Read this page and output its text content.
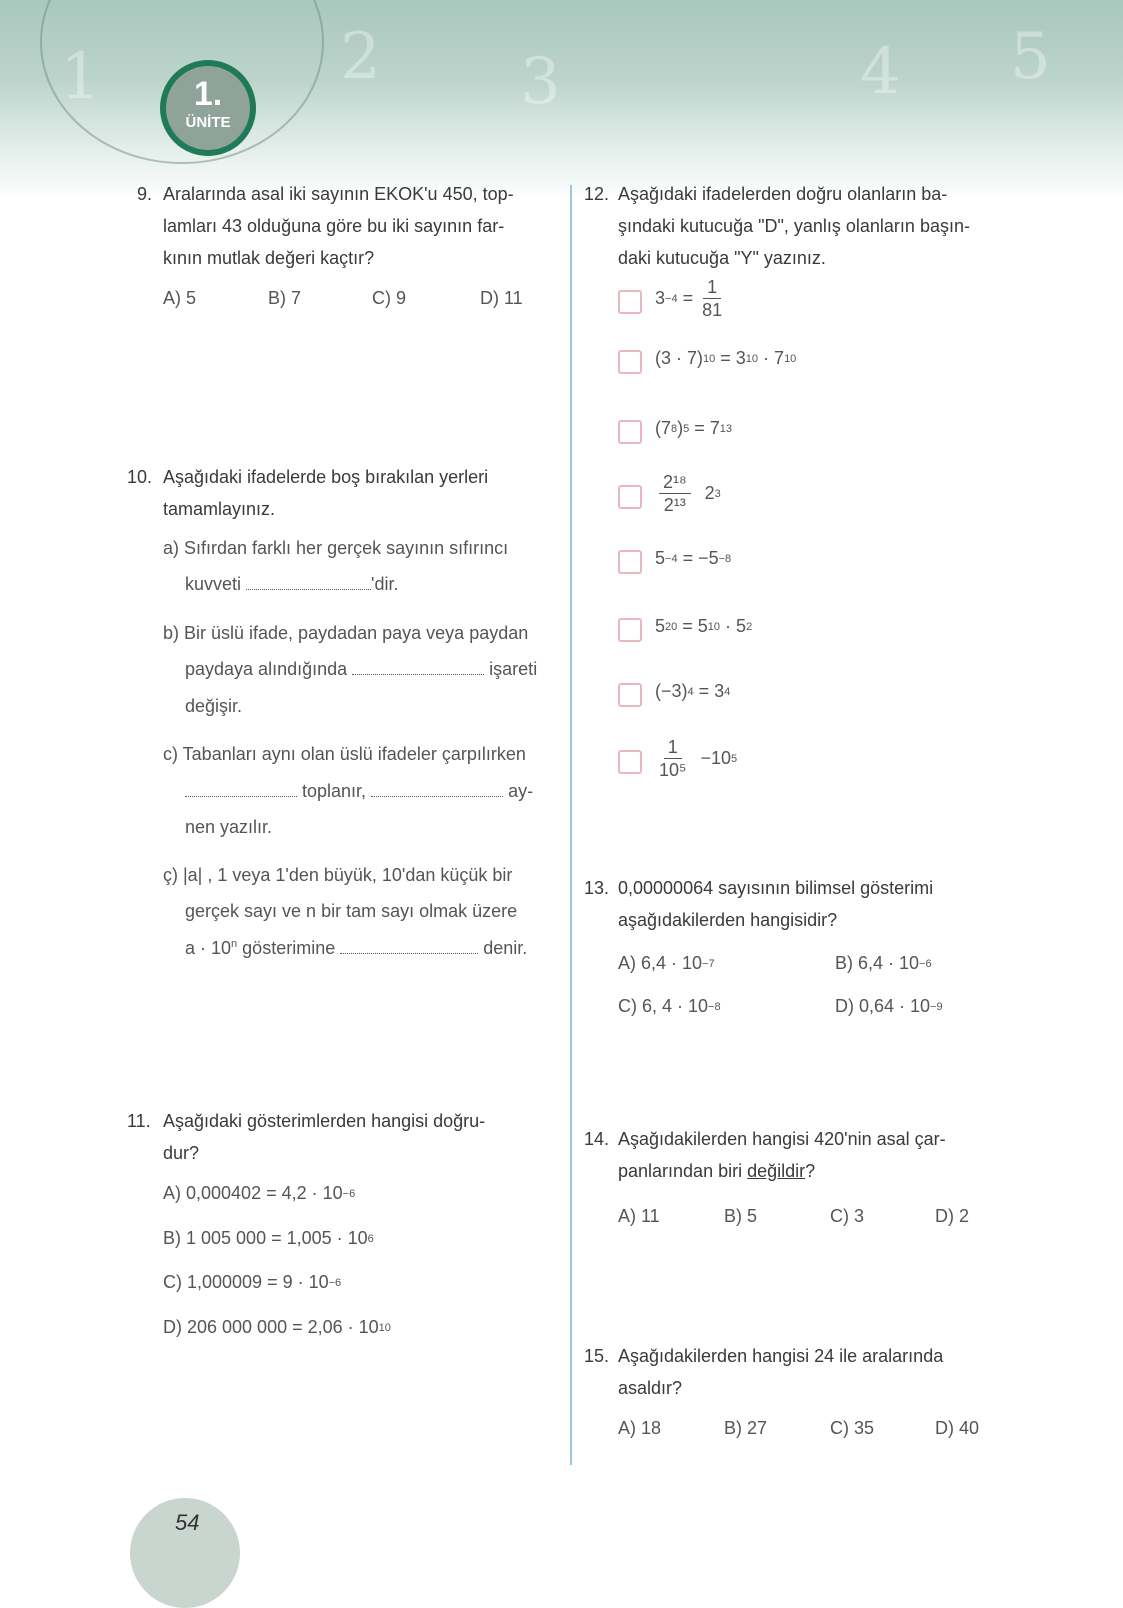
1	2 3	4 5
1.
ÜNİTE
9. Aralarında asal iki sayının EKOK'u 450, top-
lamları 43 olduğuna göre bu iki sayının far-
kının mutlak değeri kaçtır?
A) 5	B) 7	C) 9	D) 11
10. Aşağıdaki ifadelerde boş bırakılan yerleri
tamamlayınız.
a) Sıfırdan farklı her gerçek sayının sıfırıncı
kuvveti	'dir.
b) Bir üslü ifade, paydadan paya veya paydan
paydaya alındığında	işareti
değişir.
c) Tabanları aynı olan üslü ifadeler çarpılırken
toplanır,	ay-
nen yazılır.
ç) |a| , 1 veya 1'den büyük, 10'dan küçük bir
gerçek sayı ve n bir tam sayı olmak üzere
$a \cdot 10^n$ gösterimine	denir.
11. Aşağıdaki gösterimlerden hangisi doğru-
dur?
A) 0,000402 = 4,2 · 10 −6
B) 1 005 000 = 1,005 · 10 6
C) 1,000009 = 9 · 10 −6
D) 206 000 000 = 2,06 · 10 10
12. Aşağıdaki ifadelerden doğru olanların ba-
şındaki kutucuğa "D", yanlış olanların başın-
daki kutucuğa "Y" yazınız.
$3 -4 = \frac{1}{81}$
(3 · 7) 10 = 3 10 · 7 10
(7 8 ) 5 = 7 13
$\frac{\text{2¹⁸}}{\text{2¹³}} 2$ 3
5 −4 = −5 −8
5 20 = 5 10 · 5 2
(−3) 4 = 3 4
$\frac{1}{\text{10⁵}} -10$ 5
13. 0,00000064 sayısının bilimsel gösterimi
aşağıdakilerden hangisidir?
A) 6,4 · 10 −7	B) 6,4 · 10 −6
C) 6, 4 · 10 −8	D) 0,64 · 10 −9
14. Aşağıdakilerden hangisi 420'nin asal çar-
panlarından biri değildir?
A) 11	B) 5	C) 3	D) 2
15. Aşağıdakilerden hangisi 24 ile aralarında
asaldır?
A) 18	B) 27	C) 35	D) 40
54
